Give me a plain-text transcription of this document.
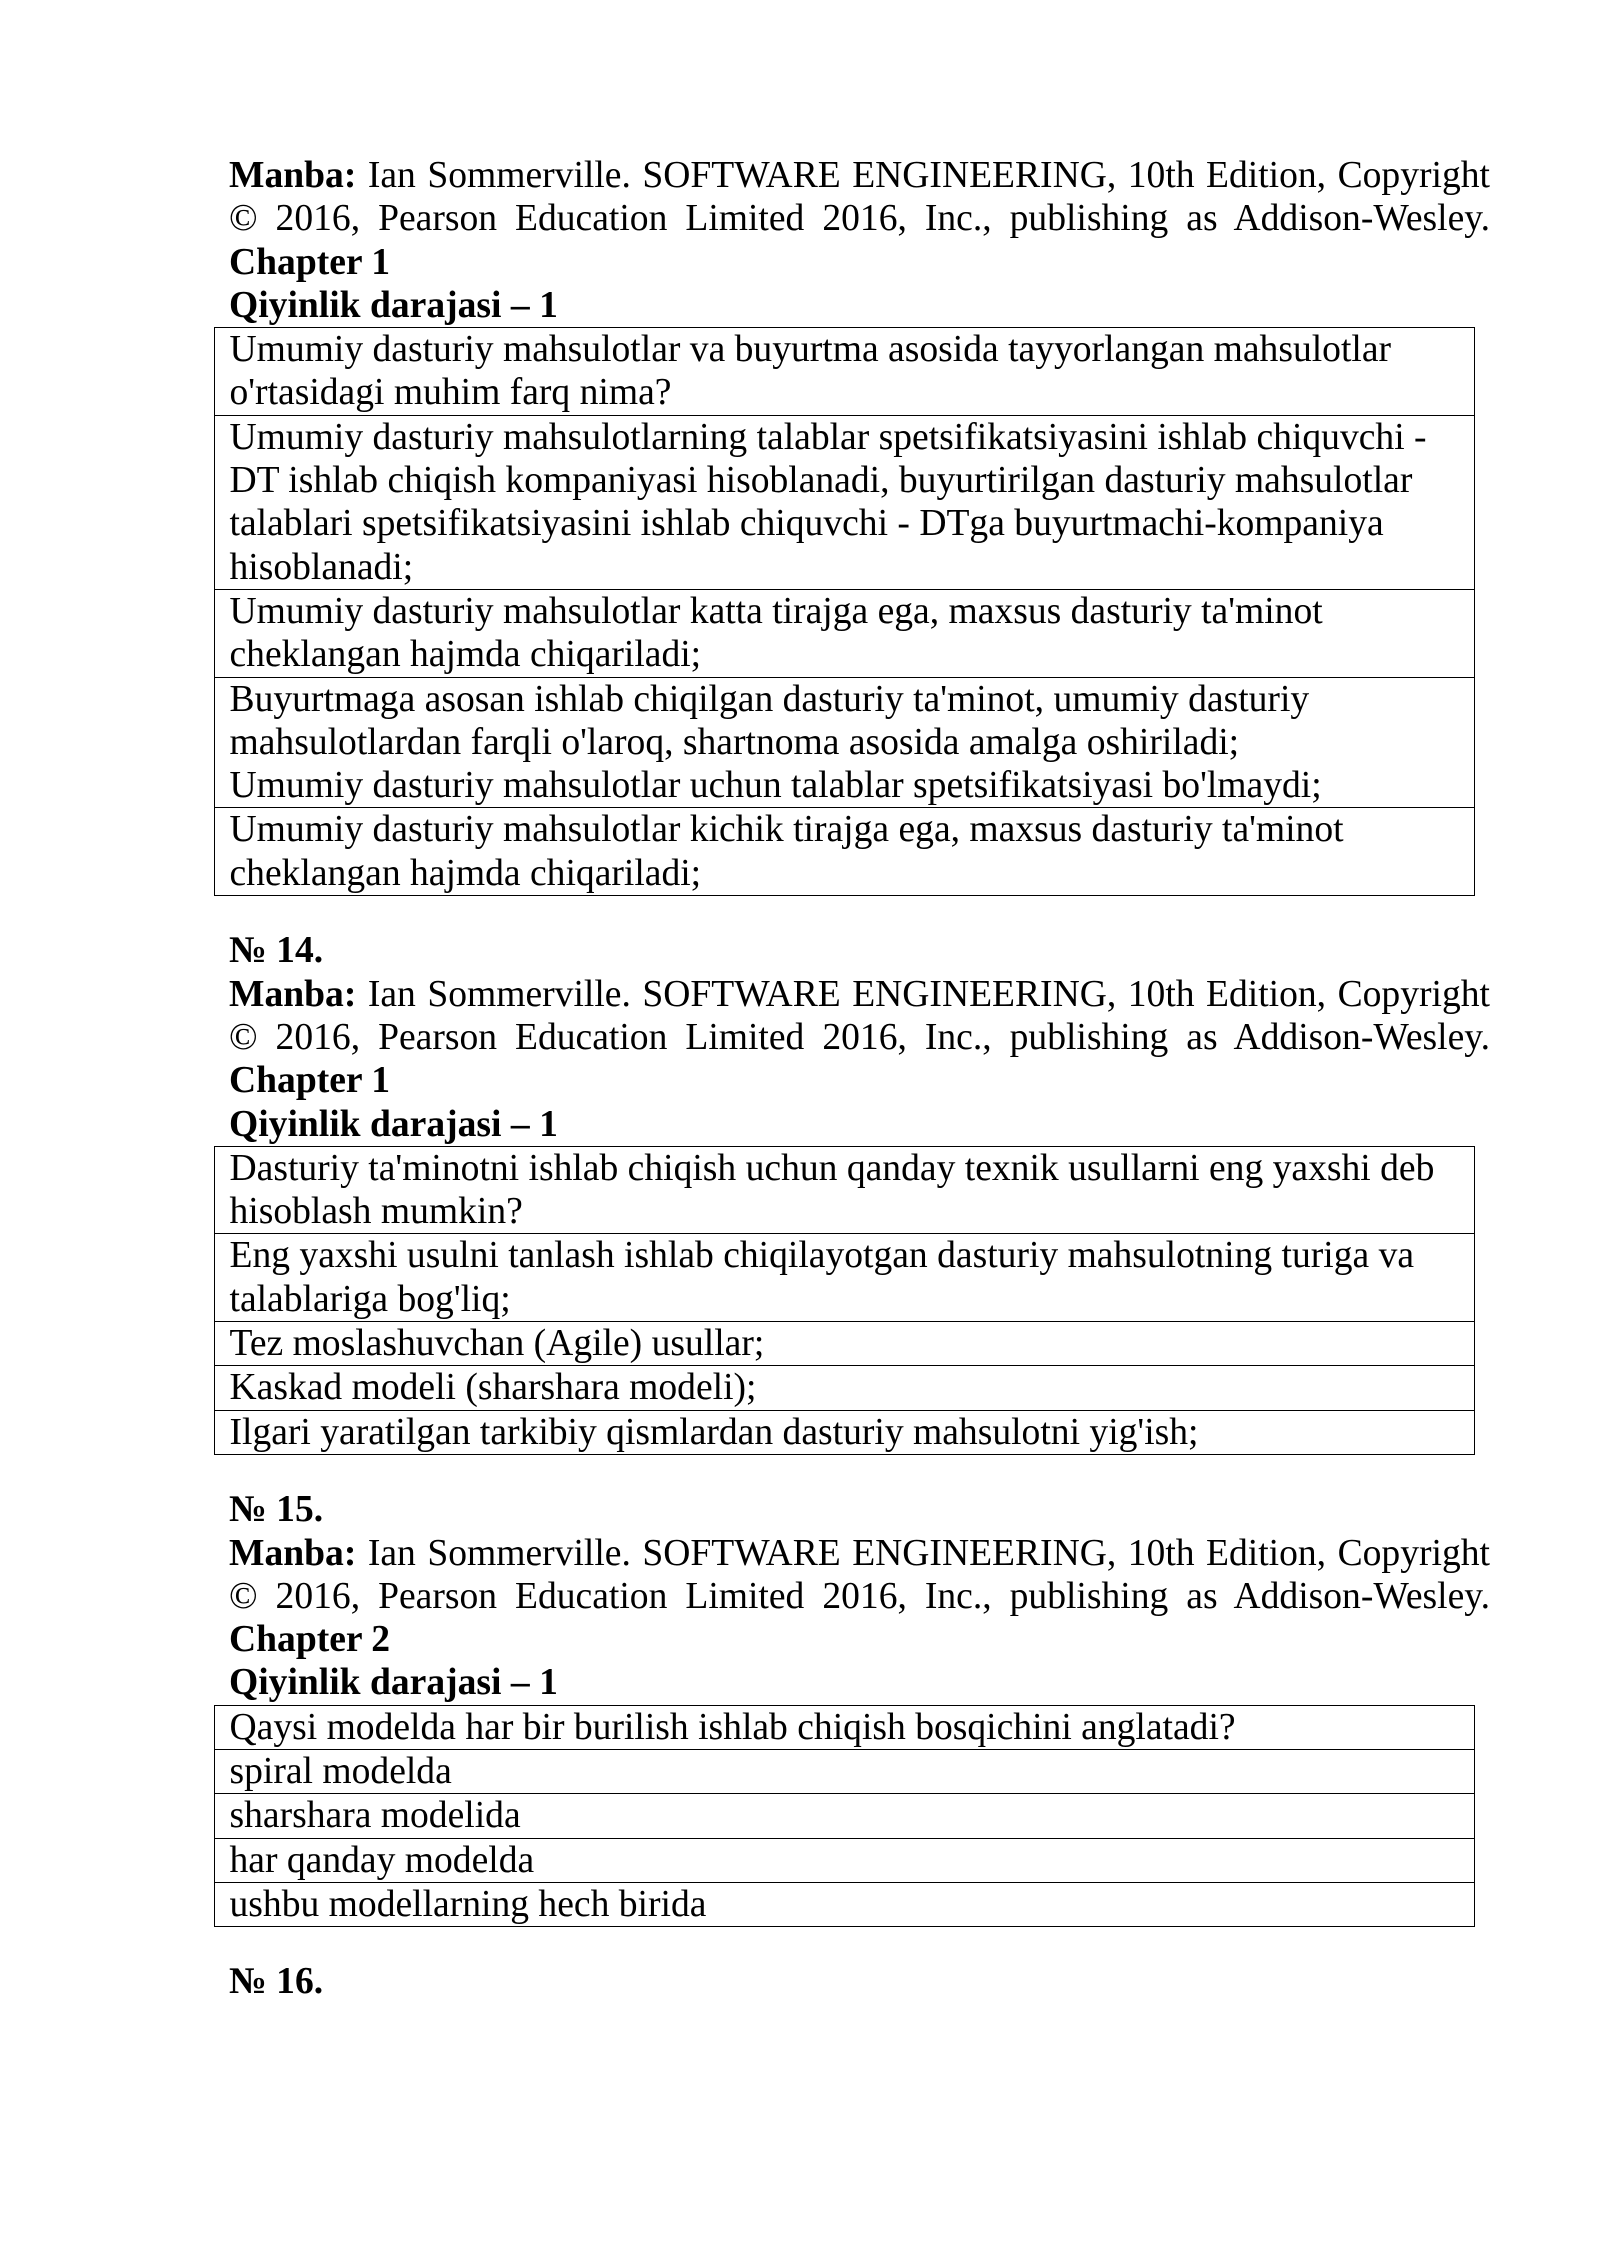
Manba: Ian Sommerville. SOFTWARE ENGINEERING, 10th Edition, Copyright © 2016, Pearson Education Limited 2016, Inc., publishing as Addison-Wesley.

Chapter 1

Qiyinlik darajasi – 1

Umumiy dasturiy mahsulotlar va buyurtma asosida tayyorlangan mahsulotlar o'rtasidagi muhim farq nima?

Umumiy dasturiy mahsulotlarning talablar spetsifikatsiyasini ishlab chiquvchi - DT ishlab chiqish kompaniyasi hisoblanadi, buyurtirilgan dasturiy mahsulotlar talablari spetsifikatsiyasini ishlab chiquvchi - DTga buyurtmachi-kompaniya hisoblanadi;

Umumiy dasturiy mahsulotlar katta tirajga ega, maxsus dasturiy ta'minot cheklangan hajmda chiqariladi;

Buyurtmaga asosan ishlab chiqilgan dasturiy ta'minot, umumiy dasturiy mahsulotlardan farqli o'laroq, shartnoma asosida amalga oshiriladi;
Umumiy dasturiy mahsulotlar uchun talablar spetsifikatsiyasi bo'lmaydi;

Umumiy dasturiy mahsulotlar kichik tirajga ega, maxsus dasturiy ta'minot cheklangan hajmda chiqariladi;

№ 14.

Manba: Ian Sommerville. SOFTWARE ENGINEERING, 10th Edition, Copyright © 2016, Pearson Education Limited 2016, Inc., publishing as Addison-Wesley.

Chapter 1

Qiyinlik darajasi – 1

Dasturiy ta'minotni ishlab chiqish uchun qanday texnik usullarni eng yaxshi deb hisoblash mumkin?

Eng yaxshi usulni tanlash ishlab chiqilayotgan dasturiy mahsulotning turiga va talablariga bog'liq;

Tez moslashuvchan (Agile) usullar;

Kaskad modeli (sharshara modeli);

Ilgari yaratilgan tarkibiy qismlardan dasturiy mahsulotni yig'ish;

№ 15.

Manba: Ian Sommerville. SOFTWARE ENGINEERING, 10th Edition, Copyright © 2016, Pearson Education Limited 2016, Inc., publishing as Addison-Wesley.

Chapter 2

Qiyinlik darajasi – 1

Qaysi modelda har bir burilish ishlab chiqish bosqichini anglatadi?

spiral modelda

sharshara modelida

har qanday modelda

ushbu modellarning hech birida

№ 16.
